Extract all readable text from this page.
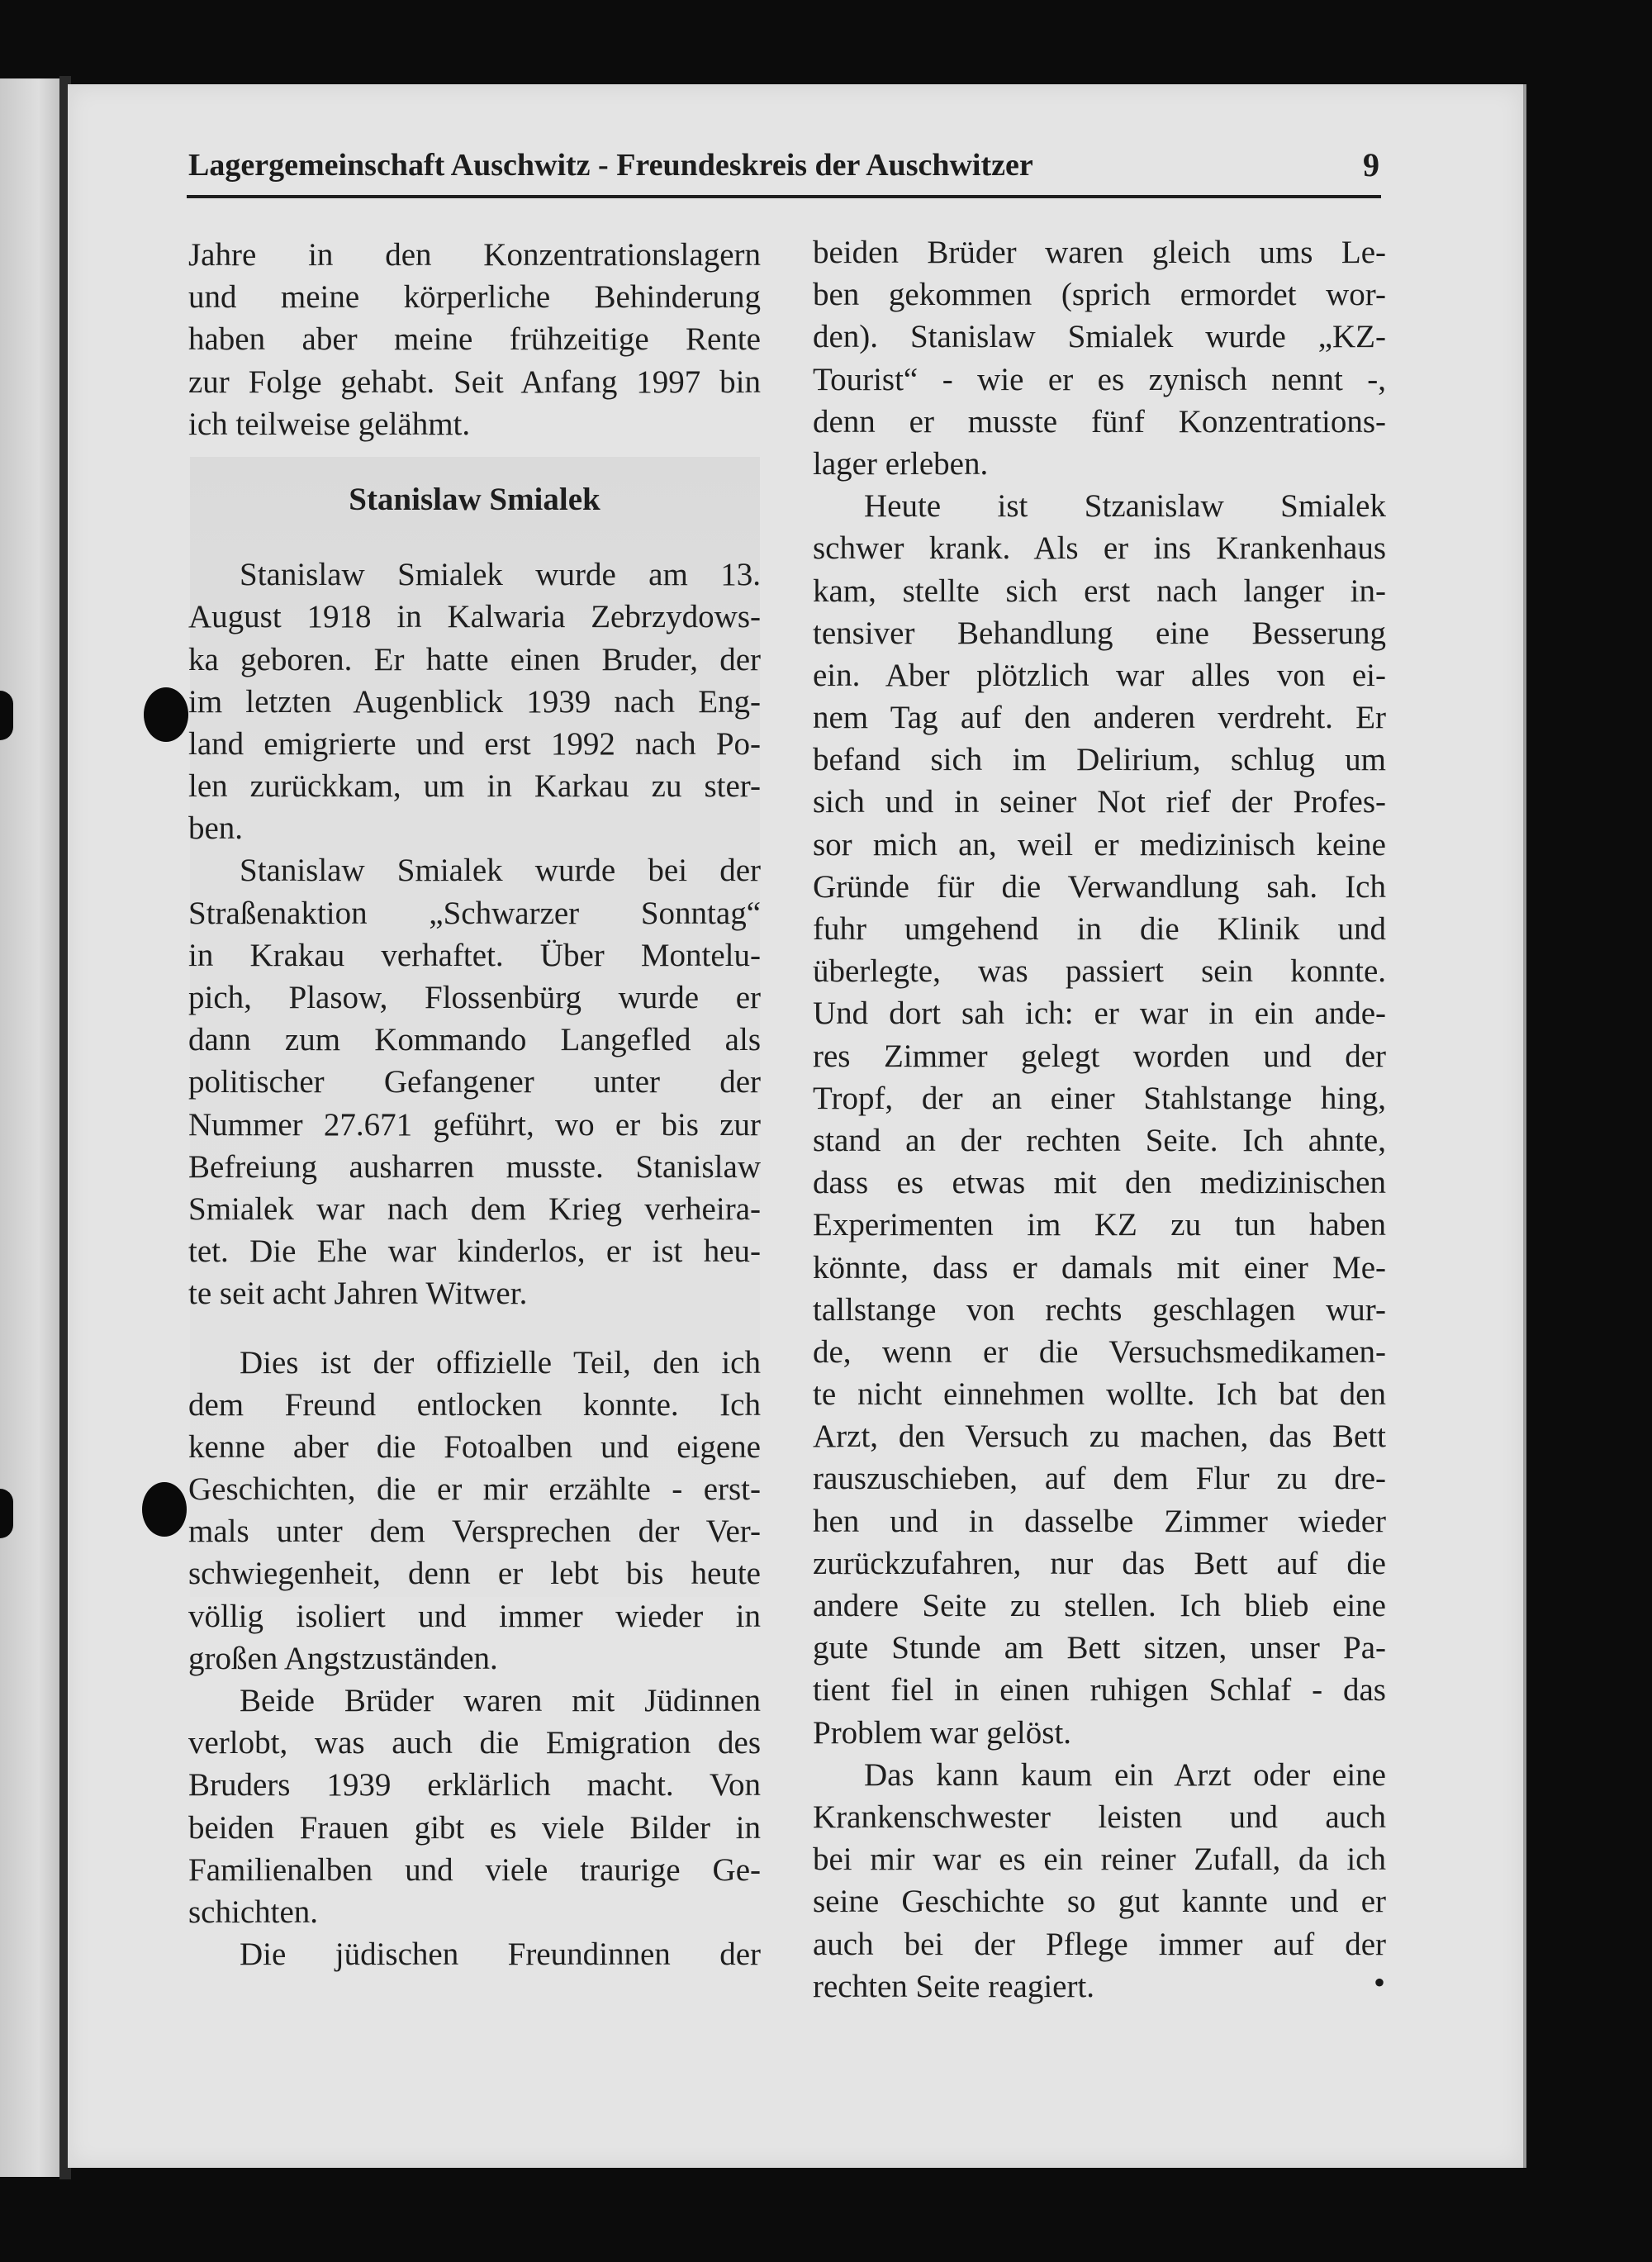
Lagergemeinschaft Auschwitz - Freundeskreis der Auschwitzer	9
Jahre in den Konzentrationslagern
und meine körperliche Behinderung
haben aber meine frühzeitige Rente
zur Folge gehabt. Seit Anfang 1997 bin
ich teilweise gelähmt.
Stanislaw Smialek
Stanislaw Smialek wurde am 13.
August 1918 in Kalwaria Zebrzydows-
ka geboren. Er hatte einen Bruder, der
im letzten Augenblick 1939 nach Eng-
land emigrierte und erst 1992 nach Po-
len zurückkam, um in Karkau zu ster-
ben.
Stanislaw Smialek wurde bei der
Straßenaktion „Schwarzer Sonntag“
in Krakau verhaftet. Über Montelu-
pich, Plasow, Flossenbürg wurde er
dann zum Kommando Langefled als
politischer Gefangener unter der
Nummer 27.671 geführt, wo er bis zur
Befreiung ausharren musste. Stanislaw
Smialek war nach dem Krieg verheira-
tet. Die Ehe war kinderlos, er ist heu-
te seit acht Jahren Witwer.
Dies ist der offizielle Teil, den ich
dem Freund entlocken konnte. Ich
kenne aber die Fotoalben und eigene
Geschichten, die er mir erzählte - erst-
mals unter dem Versprechen der Ver-
schwiegenheit, denn er lebt bis heute
völlig isoliert und immer wieder in
großen Angstzuständen.
Beide Brüder waren mit Jüdinnen
verlobt, was auch die Emigration des
Bruders 1939 erklärlich macht. Von
beiden Frauen gibt es viele Bilder in
Familienalben und viele traurige Ge-
schichten.
Die jüdischen Freundinnen der
beiden Brüder waren gleich ums Le-
ben gekommen (sprich ermordet wor-
den). Stanislaw Smialek wurde „KZ-
Tourist“ - wie er es zynisch nennt -,
denn er musste fünf Konzentrations-
lager erleben.
Heute ist Stzanislaw Smialek
schwer krank. Als er ins Krankenhaus
kam, stellte sich erst nach langer in-
tensiver Behandlung eine Besserung
ein. Aber plötzlich war alles von ei-
nem Tag auf den anderen verdreht. Er
befand sich im Delirium, schlug um
sich und in seiner Not rief der Profes-
sor mich an, weil er medizinisch keine
Gründe für die Verwandlung sah. Ich
fuhr umgehend in die Klinik und
überlegte, was passiert sein konnte.
Und dort sah ich: er war in ein ande-
res Zimmer gelegt worden und der
Tropf, der an einer Stahlstange hing,
stand an der rechten Seite. Ich ahnte,
dass es etwas mit den medizinischen
Experimenten im KZ zu tun haben
könnte, dass er damals mit einer Me-
tallstange von rechts geschlagen wur-
de, wenn er die Versuchsmedikamen-
te nicht einnehmen wollte. Ich bat den
Arzt, den Versuch zu machen, das Bett
rauszuschieben, auf dem Flur zu dre-
hen und in dasselbe Zimmer wieder
zurückzufahren, nur das Bett auf die
andere Seite zu stellen. Ich blieb eine
gute Stunde am Bett sitzen, unser Pa-
tient fiel in einen ruhigen Schlaf - das
Problem war gelöst.
Das kann kaum ein Arzt oder eine
Krankenschwester leisten und auch
bei mir war es ein reiner Zufall, da ich
seine Geschichte so gut kannte und er
auch bei der Pflege immer auf der
rechten Seite reagiert.	•
